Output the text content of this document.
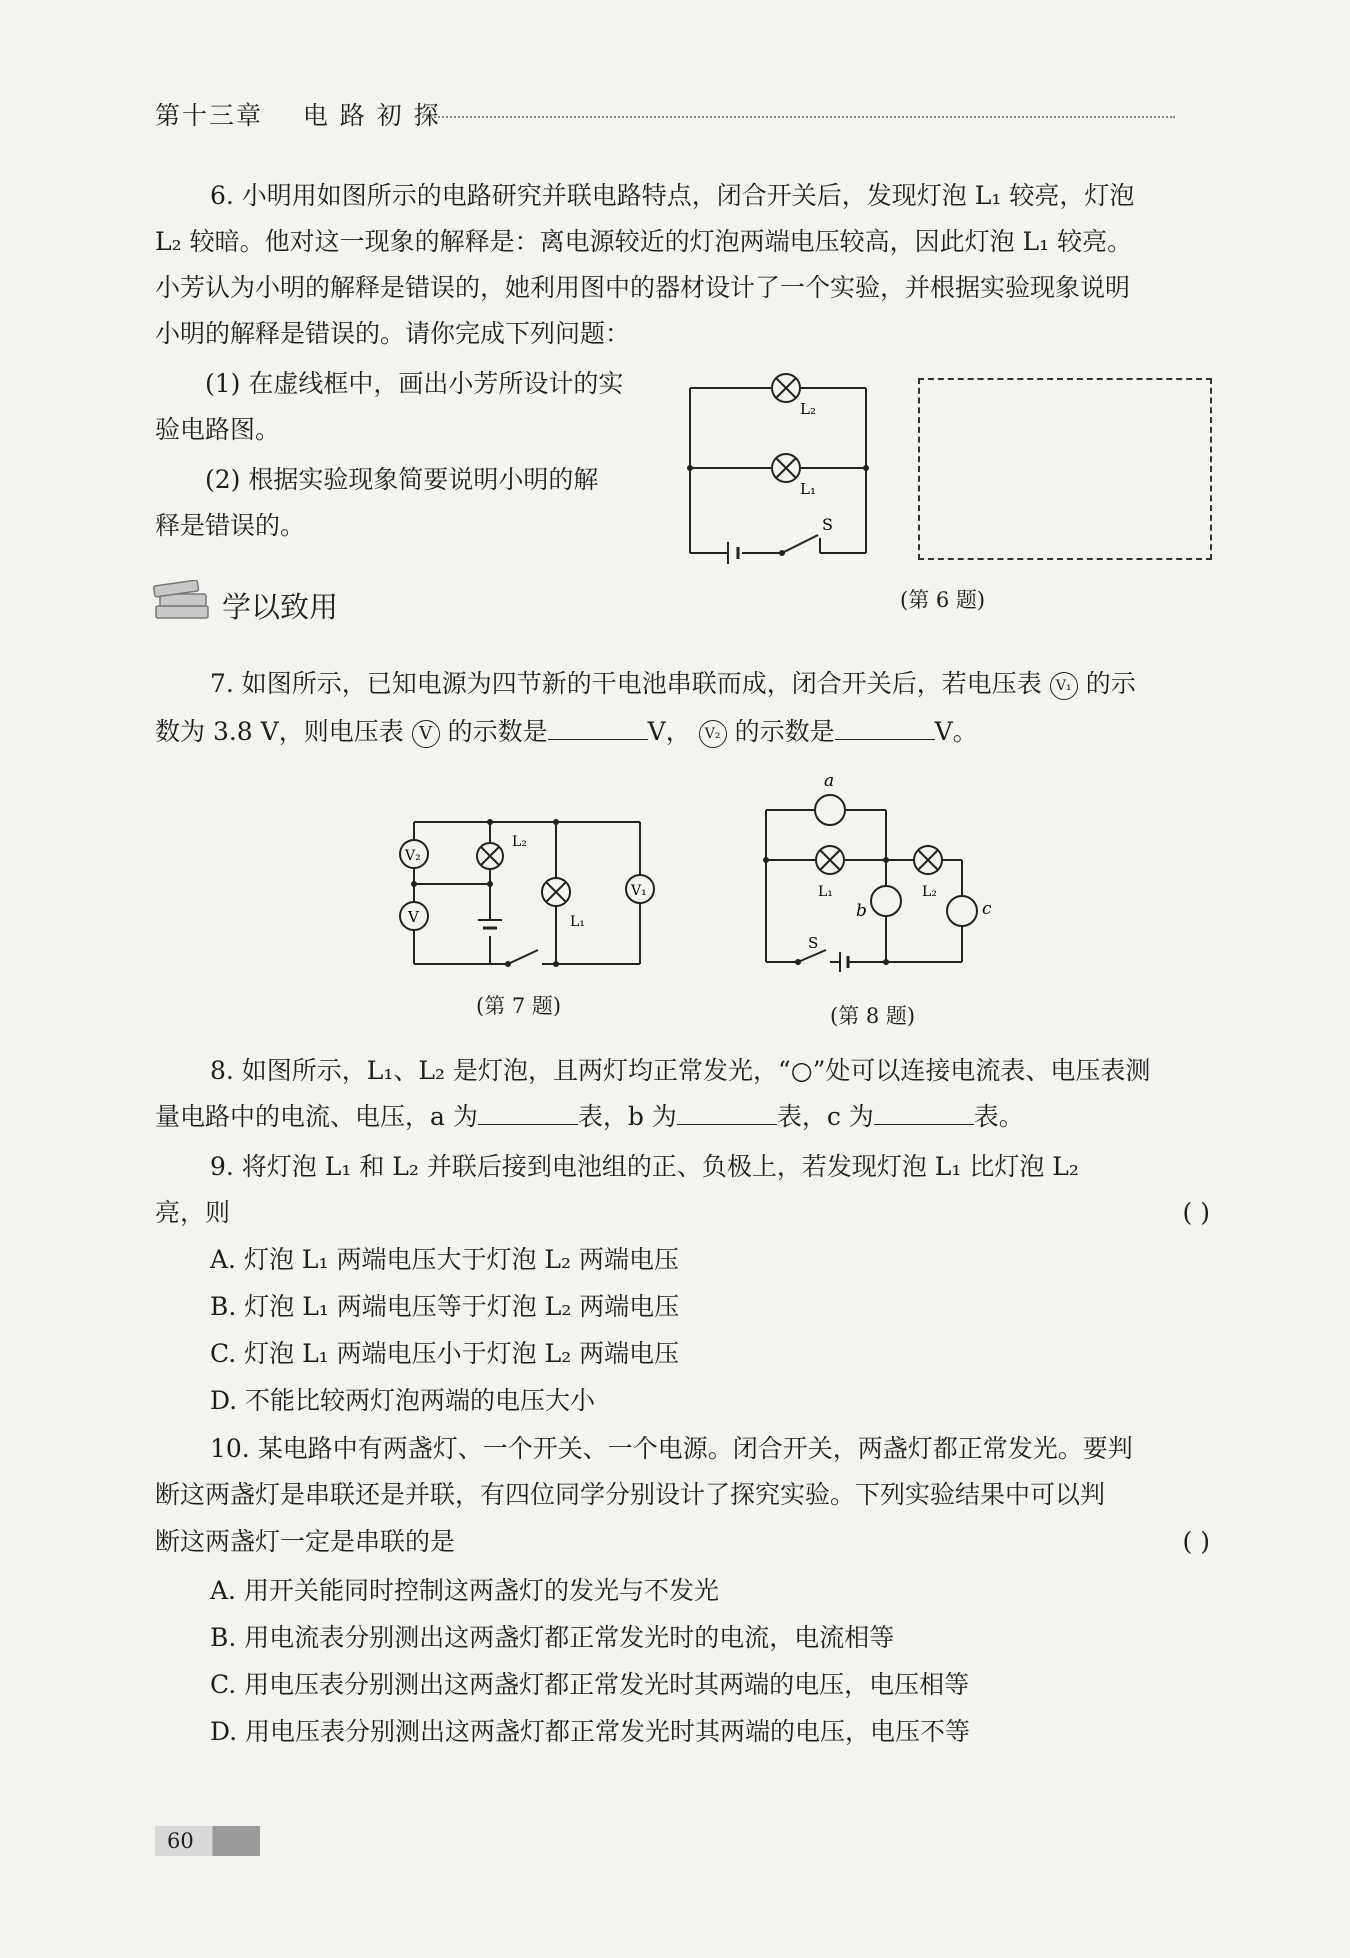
第十三章 电 路 初 探
6. 小明用如图所示的电路研究并联电路特点，闭合开关后，发现灯泡 L₁ 较亮，灯泡
L₂ 较暗。他对这一现象的解释是：离电源较近的灯泡两端电压较高，因此灯泡 L₁ 较亮。
小芳认为小明的解释是错误的，她利用图中的器材设计了一个实验，并根据实验现象说明
小明的解释是错误的。请你完成下列问题：
(1) 在虚线框中，画出小芳所设计的实
验电路图。
(2) 根据实验现象简要说明小明的解
释是错误的。
L₂
L₁
S
(第 6 题)
学以致用
7. 如图所示，已知电源为四节新的干电池串联而成，闭合开关后，若电压表 V₁ 的示
数为 3.8 V，则电压表 V 的示数是	V， V₂ 的示数是	V。
V₂
V
L₂
L₁
V₁
(第 7 题)
a
L₁	L₂
b	c
S
(第 8 题)
8. 如图所示，L₁、L₂ 是灯泡，且两灯均正常发光，“○”处可以连接电流表、电压表测
量电路中的电流、电压，a 为	表，b 为	表，c 为	表。
9. 将灯泡 L₁ 和 L₂ 并联后接到电池组的正、负极上，若发现灯泡 L₁ 比灯泡 L₂
亮，则	( )
A. 灯泡 L₁ 两端电压大于灯泡 L₂ 两端电压
B. 灯泡 L₁ 两端电压等于灯泡 L₂ 两端电压
C. 灯泡 L₁ 两端电压小于灯泡 L₂ 两端电压
D. 不能比较两灯泡两端的电压大小
10. 某电路中有两盏灯、一个开关、一个电源。闭合开关，两盏灯都正常发光。要判
断这两盏灯是串联还是并联，有四位同学分别设计了探究实验。下列实验结果中可以判
断这两盏灯一定是串联的是	( )
A. 用开关能同时控制这两盏灯的发光与不发光
B. 用电流表分别测出这两盏灯都正常发光时的电流，电流相等
C. 用电压表分别测出这两盏灯都正常发光时其两端的电压，电压相等
D. 用电压表分别测出这两盏灯都正常发光时其两端的电压，电压不等
60
